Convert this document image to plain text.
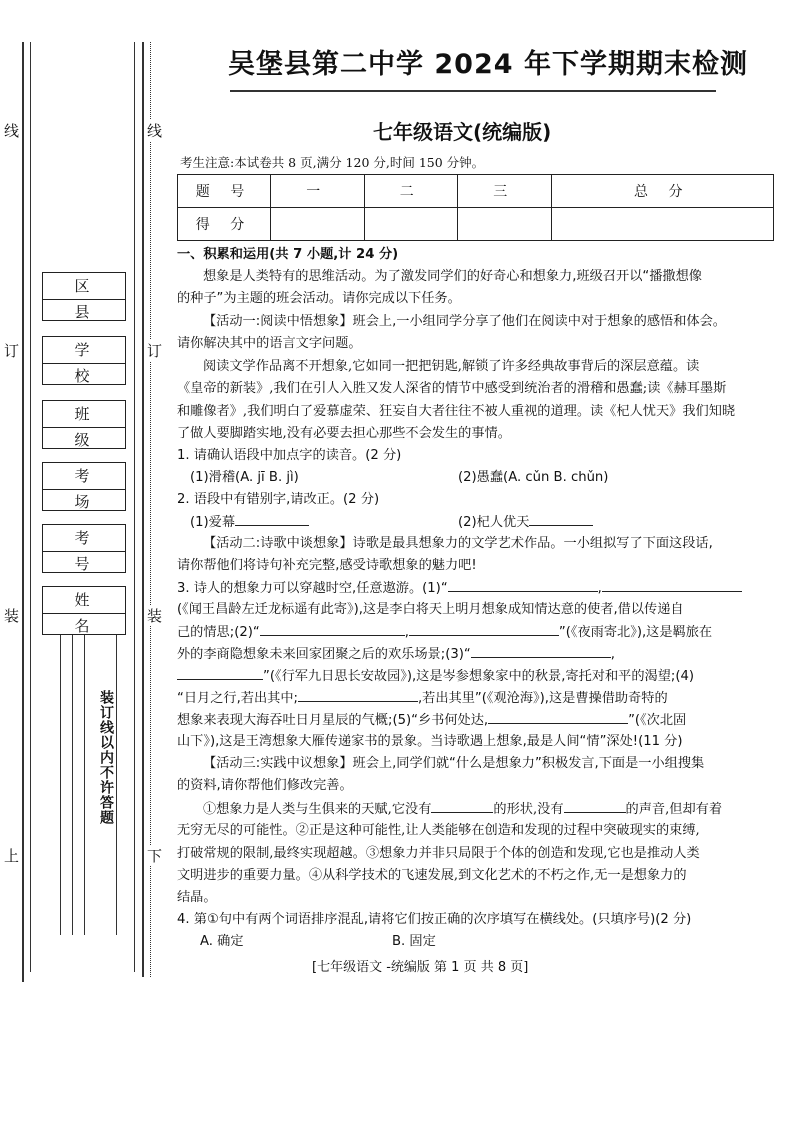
线
订
装
上
线
订
装
下
区县
学校
班级
考场
考号
姓名
装订线以内不许答题
吴堡县第二中学 2024 年下学期期末检测
七年级语文(统编版)
考生注意:本试卷共 8 页,满分 120 分,时间 150 分钟。
题 号	一	二	三	总 分
得 分				
一、积累和运用(共 7 小题,计 24 分)
想象是人类特有的思维活动。为了激发同学们的好奇心和想象力,班级召开以“播撒想像
的种子”为主题的班会活动。请你完成以下任务。
【活动一:阅读中悟想象】班会上,一小组同学分享了他们在阅读中对于想象的感悟和体会。
请你解决其中的语言文字问题。
阅读文学作品离不开想象,它如同一把把钥匙,解锁了许多经典故事背后的深层意蕴。读
《皇帝的新装》,我们在引人入胜又发人深省的情节中感受到统治者的滑稽和愚蠢;读《赫耳墨斯
和雕像者》,我们明白了爱慕虚荣、狂妄自大者往往不被人重视的道理。读《杞人忧天》我们知晓
了做人要脚踏实地,没有必要去担心那些不会发生的事情。
1. 请确认语段中加点字的读音。(2 分)
(1)滑稽(A. jī B. jì)	(2)愚蠢(A. cǔn B. chǔn)
2. 语段中有错别字,请改正。(2 分)
(1)爱幕	(2)杞人优天
【活动二:诗歌中谈想象】诗歌是最具想象力的文学艺术作品。一小组拟写了下面这段话,
请你帮他们将诗句补充完整,感受诗歌想象的魅力吧!
3. 诗人的想象力可以穿越时空,任意遨游。(1)“	,
(《闻王昌龄左迁龙标遥有此寄》),这是李白将天上明月想象成知情达意的使者,借以传递自
己的情思;(2)“	,	”(《夜雨寄北》),这是羁旅在
外的李商隐想象未来回家团聚之后的欢乐场景;(3)“	,
”(《行军九日思长安故园》),这是岑参想象家中的秋景,寄托对和平的渴望;(4)
“日月之行,若出其中;	,若出其里”(《观沧海》),这是曹操借助奇特的
想象来表现大海吞吐日月星辰的气概;(5)“乡书何处达,	”(《次北固
山下》),这是王湾想象大雁传递家书的景象。当诗歌遇上想象,最是人间“情”深处!(11 分)
【活动三:实践中议想象】班会上,同学们就“什么是想象力”积极发言,下面是一小组搜集
的资料,请你帮他们修改完善。
①想象力是人类与生俱来的天赋,它没有	的形状,没有	的声音,但却有着
无穷无尽的可能性。②正是这种可能性,让人类能够在创造和发现的过程中突破现实的束缚,
打破常规的限制,最终实现超越。③想象力并非只局限于个体的创造和发现,它也是推动人类
文明进步的重要力量。④从科学技术的飞速发展,到文化艺术的不朽之作,无一是想象力的
结晶。
4. 第①句中有两个词语排序混乱,请将它们按正确的次序填写在横线处。(只填序号)(2 分)
A. 确定	B. 固定
[七年级语文 -统编版 第 1 页 共 8 页]
